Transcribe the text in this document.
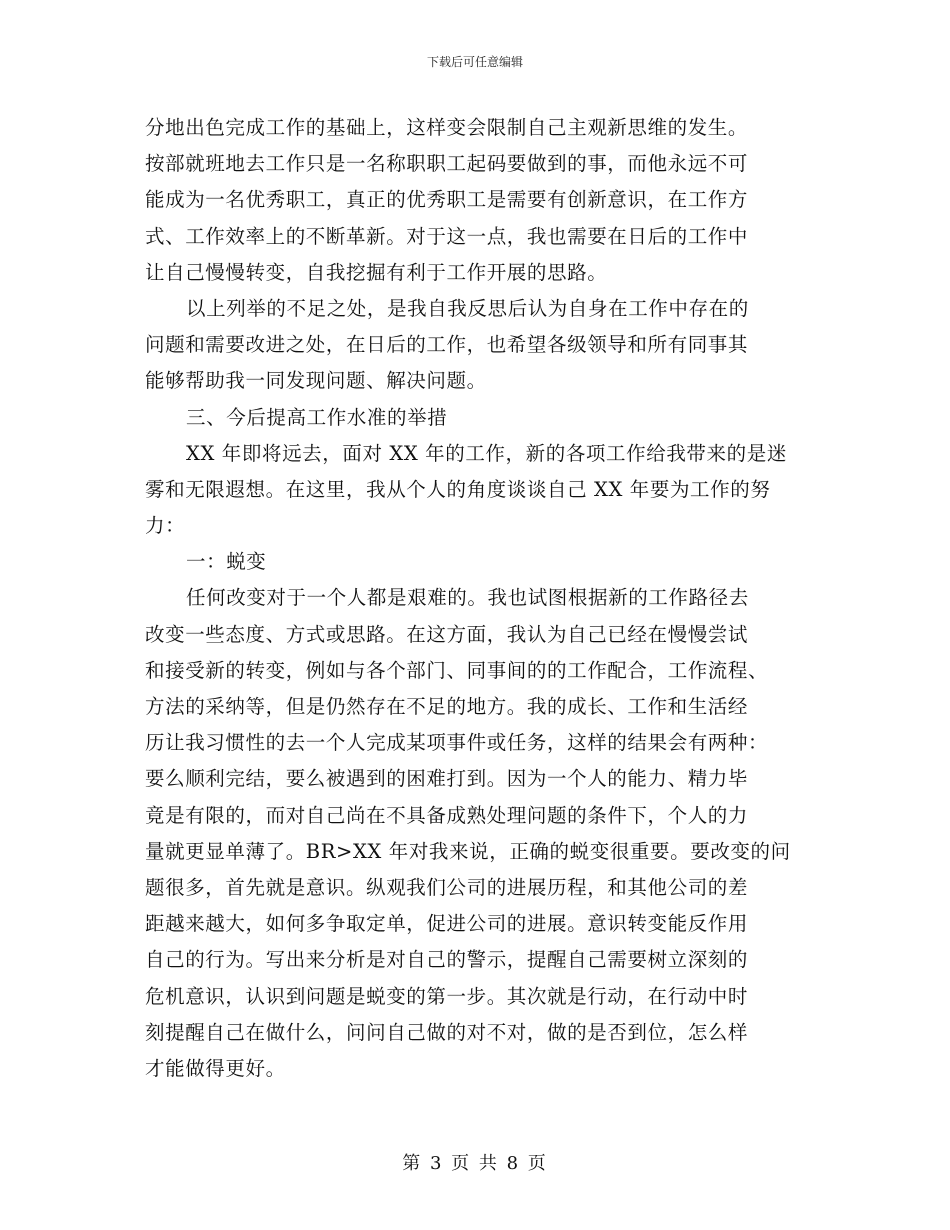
下载后可任意编辑
分地出色完成工作的基础上，这样变会限制自己主观新思维的发生。
按部就班地去工作只是一名称职职工起码要做到的事，而他永远不可
能成为一名优秀职工，真正的优秀职工是需要有创新意识，在工作方
式、工作效率上的不断革新。对于这一点，我也需要在日后的工作中
让自己慢慢转变，自我挖掘有利于工作开展的思路。
以上列举的不足之处，是我自我反思后认为自身在工作中存在的
问题和需要改进之处，在日后的工作，也希望各级领导和所有同事其
能够帮助我一同发现问题、解决问题。
三、今后提高工作水准的举措
XX 年即将远去，面对 XX 年的工作，新的各项工作给我带来的是迷
雾和无限遐想。在这里，我从个人的角度谈谈自己 XX 年要为工作的努
力：
一：蜕变
任何改变对于一个人都是艰难的。我也试图根据新的工作路径去
改变一些态度、方式或思路。在这方面，我认为自己已经在慢慢尝试
和接受新的转变，例如与各个部门、同事间的的工作配合，工作流程、
方法的采纳等，但是仍然存在不足的地方。我的成长、工作和生活经
历让我习惯性的去一个人完成某项事件或任务，这样的结果会有两种：
要么顺利完结，要么被遇到的困难打到。因为一个人的能力、精力毕
竟是有限的，而对自己尚在不具备成熟处理问题的条件下，个人的力
量就更显单薄了。BR>XX 年对我来说，正确的蜕变很重要。要改变的问
题很多，首先就是意识。纵观我们公司的进展历程，和其他公司的差
距越来越大，如何多争取定单，促进公司的进展。意识转变能反作用
自己的行为。写出来分析是对自己的警示，提醒自己需要树立深刻的
危机意识，认识到问题是蜕变的第一步。其次就是行动，在行动中时
刻提醒自己在做什么，问问自己做的对不对，做的是否到位，怎么样
才能做得更好。
第 3 页 共 8 页
